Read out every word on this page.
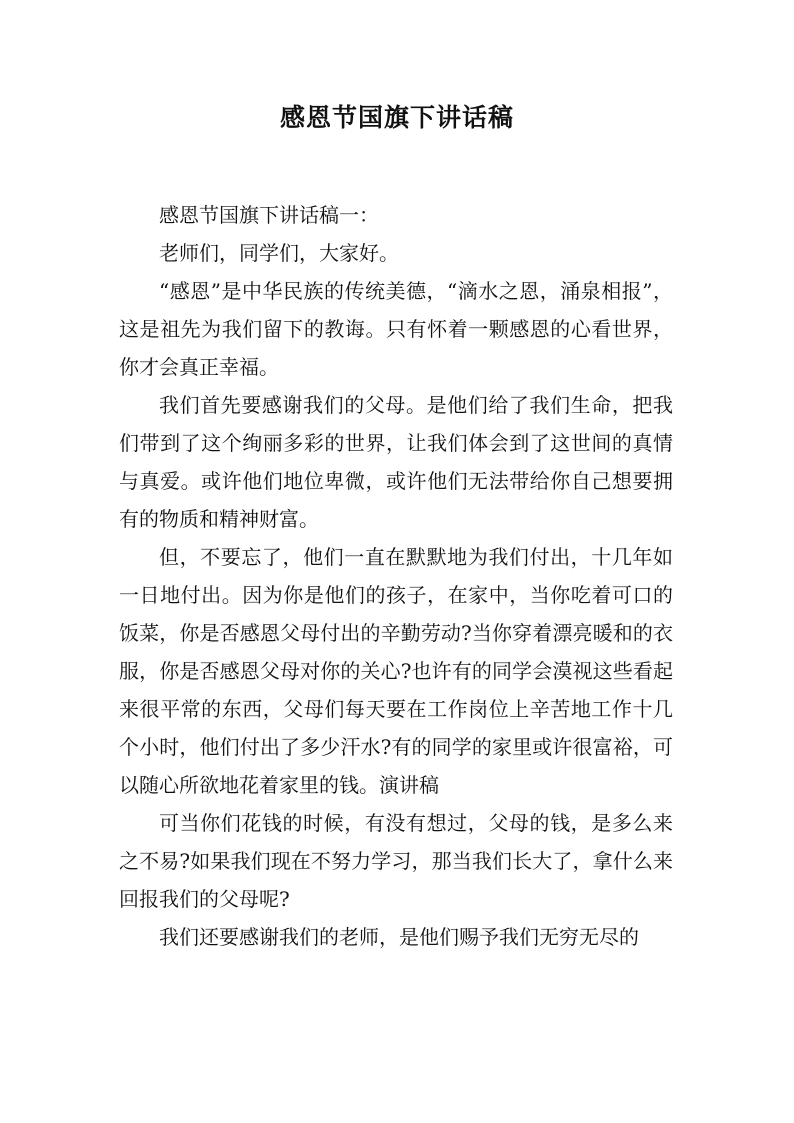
感恩节国旗下讲话稿

感恩节国旗下讲话稿一：

老师们，同学们，大家好。

“感恩”是中华民族的传统美德，“滴水之恩，涌泉相报”，这是祖先为我们留下的教诲。只有怀着一颗感恩的心看世界，你才会真正幸福。

我们首先要感谢我们的父母。是他们给了我们生命，把我们带到了这个绚丽多彩的世界，让我们体会到了这世间的真情与真爱。或许他们地位卑微，或许他们无法带给你自己想要拥有的物质和精神财富。

但，不要忘了，他们一直在默默地为我们付出，十几年如一日地付出。因为你是他们的孩子，在家中，当你吃着可口的饭菜，你是否感恩父母付出的辛勤劳动?当你穿着漂亮暖和的衣服，你是否感恩父母对你的关心?也许有的同学会漠视这些看起来很平常的东西，父母们每天要在工作岗位上辛苦地工作十几个小时，他们付出了多少汗水?有的同学的家里或许很富裕，可以随心所欲地花着家里的钱。演讲稿

可当你们花钱的时候，有没有想过，父母的钱，是多么来之不易?如果我们现在不努力学习，那当我们长大了，拿什么来回报我们的父母呢?

我们还要感谢我们的老师，是他们赐予我们无穷无尽的
